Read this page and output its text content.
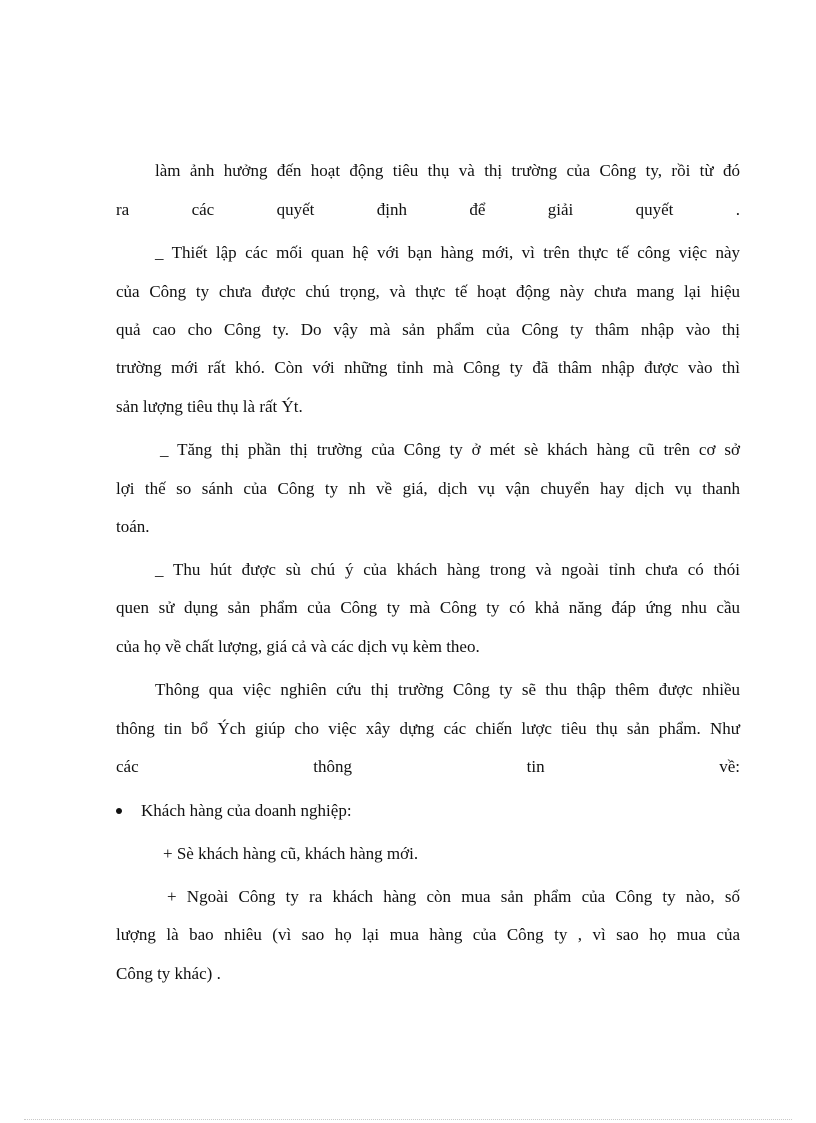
làm ảnh hưởng đến hoạt động tiêu thụ và thị trường của Công ty, rồi từ đó
ra	các	quyết	định	để	giải	quyết	.
_ Thiết lập các mối quan hệ với bạn hàng mới, vì trên thực tế công việc này
của Công ty chưa được chú trọng, và thực tế hoạt động này chưa mang lại hiệu
quả cao cho Công ty. Do vậy mà sản phẩm của Công ty thâm nhập vào thị
trường mới rất khó. Còn với những tỉnh mà Công ty đã thâm nhập được vào thì
sản lượng tiêu thụ là rất Ýt.
_ Tăng thị phần thị trường của Công ty ở mét sè khách hàng cũ trên cơ sở
lợi thế so sánh của Công ty nh về giá, dịch vụ vận chuyển hay dịch vụ thanh
toán.
_ Thu hút được sù chú ý của khách hàng trong và ngoài tỉnh chưa có thói
quen sử dụng sản phẩm của Công ty mà Công ty có khả năng đáp ứng nhu cầu
của họ về chất lượng, giá cả và các dịch vụ kèm theo.
Thông qua việc nghiên cứu thị trường Công ty sẽ thu thập thêm được nhiều
thông tin bổ Ých giúp cho việc xây dựng các chiến lược tiêu thụ sản phẩm. Như
các	thông	tin	về:
Khách hàng của doanh nghiệp:
+ Sè khách hàng cũ, khách hàng mới.
+ Ngoài Công ty ra khách hàng còn mua sản phẩm của Công ty nào, số
lượng là bao nhiêu (vì sao họ lại mua hàng của Công ty , vì sao họ mua của
Công ty khác) .
